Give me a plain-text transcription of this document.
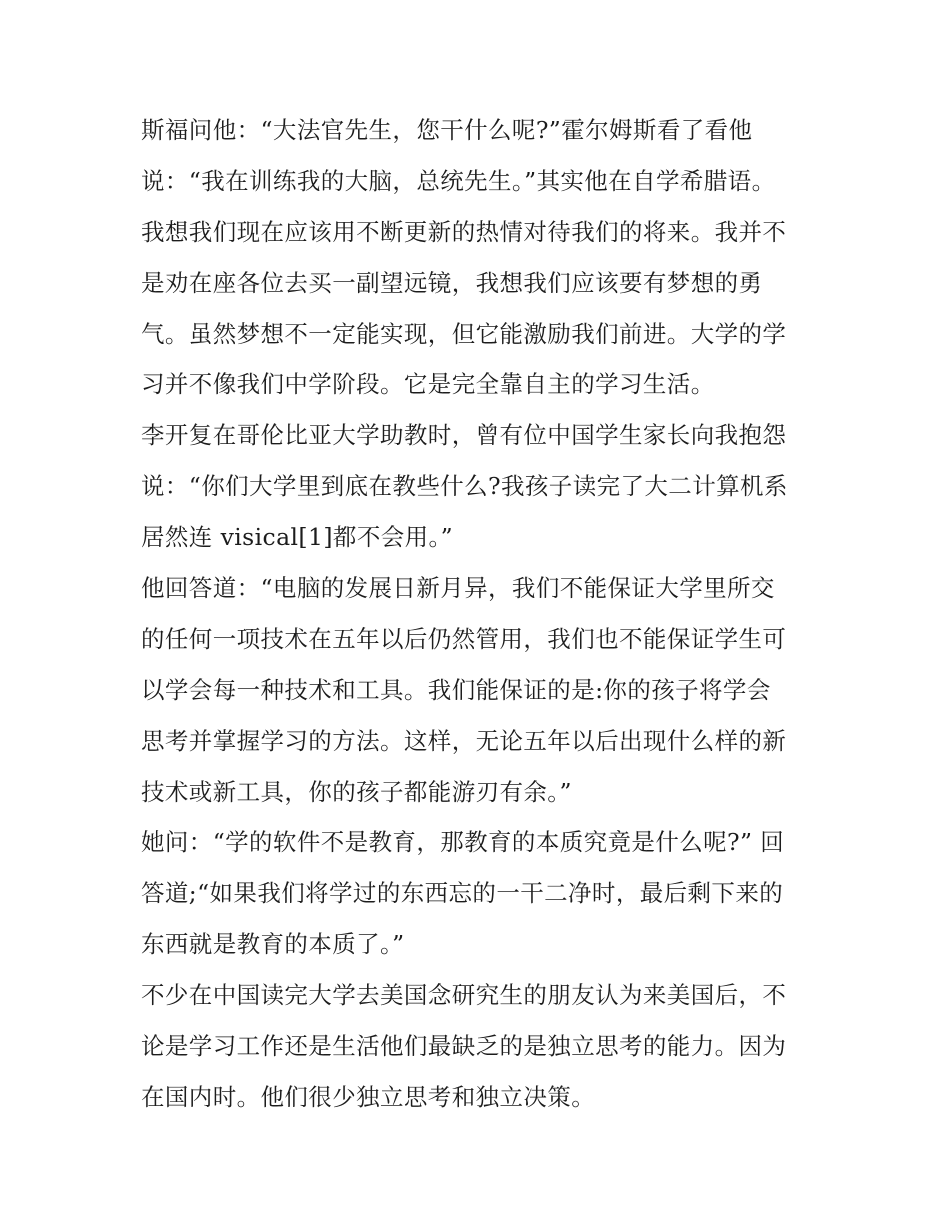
斯福问他：“大法官先生，您干什么呢?”霍尔姆斯看了看他
说：“我在训练我的大脑，总统先生。”其实他在自学希腊语。
我想我们现在应该用不断更新的热情对待我们的将来。我并不
是劝在座各位去买一副望远镜，我想我们应该要有梦想的勇
气。虽然梦想不一定能实现，但它能激励我们前进。大学的学
习并不像我们中学阶段。它是完全靠自主的学习生活。
李开复在哥伦比亚大学助教时，曾有位中国学生家长向我抱怨
说：“你们大学里到底在教些什么?我孩子读完了大二计算机系
居然连 visical[1]都不会用。”
他回答道：“电脑的发展日新月异，我们不能保证大学里所交
的任何一项技术在五年以后仍然管用，我们也不能保证学生可
以学会每一种技术和工具。我们能保证的是:你的孩子将学会
思考并掌握学习的方法。这样，无论五年以后出现什么样的新
技术或新工具，你的孩子都能游刃有余。”
她问：“学的软件不是教育，那教育的本质究竟是什么呢?” 回
答道;“如果我们将学过的东西忘的一干二净时，最后剩下来的
东西就是教育的本质了。”
不少在中国读完大学去美国念研究生的朋友认为来美国后，不
论是学习工作还是生活他们最缺乏的是独立思考的能力。因为
在国内时。他们很少独立思考和独立决策。
